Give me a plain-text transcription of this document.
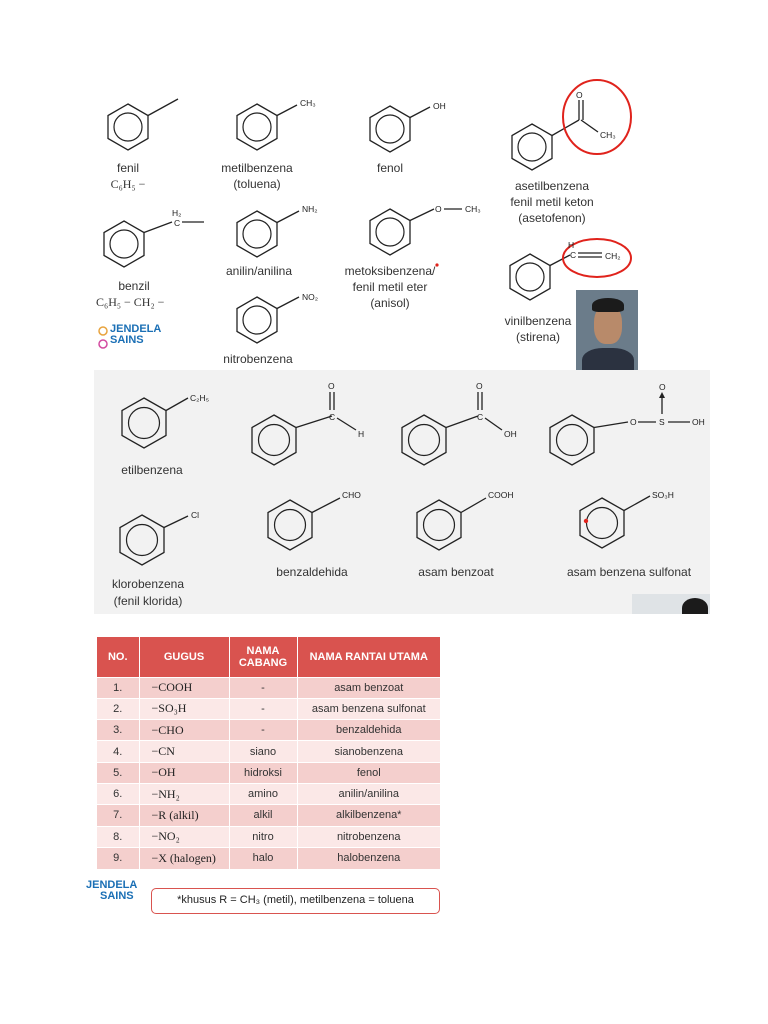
fenil
C₆H₅ −
CH₃
metilbenzena
(toluena)
OH
fenol
O
CH₃
asetilbenzena
fenil metil keton
(asetofenon)
H₂
C
benzil
C₆H₅ − CH₂ −
NH₂
anilin/anilina
O	CH₃
metoksibenzena/
fenil metil eter
(anisol)
H
C	CH₂
vinilbenzena
(stirena)
NO₂
nitrobenzena
JENDELA
SAINS
C₂H₅
etilbenzena
O
C
H
O
C
OH
O	S
O
OH
Cl
klorobenzena
(fenil klorida)
CHO
benzaldehida
COOH
asam benzoat
SO₃H
asam benzena sulfonat
NO.	GUGUS	NAMA CABANG	NAMA RANTAI UTAMA
1.	−COOH	-	asam benzoat
2.	−SO₃H	-	asam benzena sulfonat
3.	−CHO	-	benzaldehida
4.	−CN	siano	sianobenzena
5.	−OH	hidroksi	fenol
6.	−NH₂	amino	anilin/anilina
7.	−R (alkil)	alkil	alkilbenzena*
8.	−NO₂	nitro	nitrobenzena
9.	−X (halogen)	halo	halobenzena
JENDELA
SAINS	*khusus R = CH₃ (metil), metilbenzena = toluena
